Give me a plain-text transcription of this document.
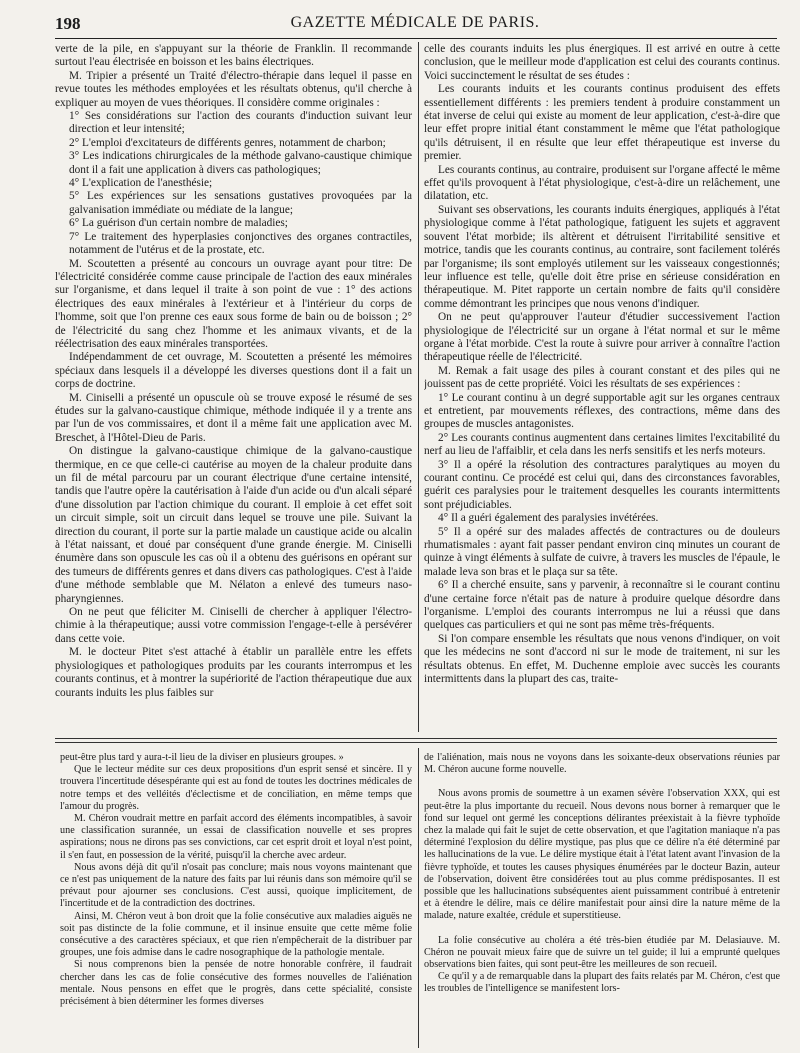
198	GAZETTE MÉDICALE DE PARIS.

verte de la pile, en s'appuyant sur la théorie de Franklin. Il recommande surtout l'eau électrisée en boisson et les bains électriques.

M. Tripier a présenté un Traité d'électro-thérapie dans lequel il passe en revue toutes les méthodes employées et les résultats obtenus, qu'il cherche à expliquer au moyen de vues théoriques. Il considère comme originales :

1° Ses considérations sur l'action des courants d'induction suivant leur direction et leur intensité;

2° L'emploi d'excitateurs de différents genres, notamment de charbon;

3° Les indications chirurgicales de la méthode galvano-caustique chimique dont il a fait une application à divers cas pathologiques;

4° L'explication de l'anesthésie;

5° Les expériences sur les sensations gustatives provoquées par la galvanisation immédiate ou médiate de la langue;

6° La guérison d'un certain nombre de maladies;

7° Le traitement des hyperplasies conjonctives des organes contractiles, notamment de l'utérus et de la prostate, etc.

M. Scoutetten a présenté au concours un ouvrage ayant pour titre: De l'électricité considérée comme cause principale de l'action des eaux minérales sur l'organisme, et dans lequel il traite à son point de vue : 1° des actions électriques des eaux minérales à l'extérieur et à l'intérieur du corps de l'homme, soit que l'on prenne ces eaux sous forme de bain ou de boisson ; 2° de l'électricité du sang chez l'homme et les animaux vivants, et de la réélectrisation des eaux minérales transportées.

Indépendamment de cet ouvrage, M. Scoutetten a présenté les mémoires spéciaux dans lesquels il a développé les diverses questions dont il a fait un corps de doctrine.

M. Ciniselli a présenté un opuscule où se trouve exposé le résumé de ses études sur la galvano-caustique chimique, méthode indiquée il y a trente ans par l'un de vos commissaires, et dont il a même fait une application avec M. Breschet, à l'Hôtel-Dieu de Paris.

On distingue la galvano-caustique chimique de la galvano-caustique thermique, en ce que celle-ci cautérise au moyen de la chaleur produite dans un fil de métal parcouru par un courant électrique d'une certaine intensité, tandis que l'autre opère la cautérisation à l'aide d'un acide ou d'un alcali séparé d'une dissolution par l'action chimique du courant. Il emploie à cet effet soit un circuit simple, soit un circuit dans lequel se trouve une pile. Suivant la direction du courant, il porte sur la partie malade un caustique acide ou alcalin à l'état naissant, et doué par conséquent d'une grande énergie. M. Ciniselli énumère dans son opuscule les cas où il a obtenu des guérisons en opérant sur des tumeurs de différents genres et dans divers cas pathologiques. C'est à l'aide d'une méthode semblable que M. Nélaton a enlevé des tumeurs naso-pharyngiennes.

On ne peut que féliciter M. Ciniselli de chercher à appliquer l'électro-chimie à la thérapeutique; aussi votre commission l'engage-t-elle à persévérer dans cette voie.

M. le docteur Pitet s'est attaché à établir un parallèle entre les effets physiologiques et pathologiques produits par les courants interrompus et les courants continus, et à montrer la supériorité de l'action thérapeutique due aux courants induits les plus faibles sur

celle des courants induits les plus énergiques. Il est arrivé en outre à cette conclusion, que le meilleur mode d'application est celui des courants continus. Voici succinctement le résultat de ses études :

Les courants induits et les courants continus produisent des effets essentiellement différents : les premiers tendent à produire constamment un état inverse de celui qui existe au moment de leur application, c'est-à-dire que leur effet propre initial étant constamment le même que l'état pathologique qu'ils détruisent, il en résulte que leur effet thérapeutique est inverse du premier.

Les courants continus, au contraire, produisent sur l'organe affecté le même effet qu'ils provoquent à l'état physiologique, c'est-à-dire un relâchement, une dilatation, etc.

Suivant ses observations, les courants induits énergiques, appliqués à l'état physiologique comme à l'état pathologique, fatiguent les sujets et aggravent souvent l'état morbide; ils altèrent et détruisent l'irritabilité sensitive et motrice, tandis que les courants continus, au contraire, sont facilement tolérés par l'organisme; ils sont employés utilement sur les vaisseaux congestionnés; leur influence est telle, qu'elle doit être prise en sérieuse considération en thérapeutique. M. Pitet rapporte un certain nombre de faits qu'il considère comme démontrant les principes que nous venons d'indiquer.

On ne peut qu'approuver l'auteur d'étudier successivement l'action physiologique de l'électricité sur un organe à l'état normal et sur le même organe à l'état morbide. C'est la route à suivre pour arriver à connaître l'action thérapeutique réelle de l'électricité.

M. Remak a fait usage des piles à courant constant et des piles qui ne jouissent pas de cette propriété. Voici les résultats de ses expériences :

1° Le courant continu à un degré supportable agit sur les organes centraux et entretient, par mouvements réflexes, des contractions, même dans des groupes de muscles antagonistes.

2° Les courants continus augmentent dans certaines limites l'excitabilité du nerf au lieu de l'affaiblir, et cela dans les nerfs sensitifs et les nerfs moteurs.

3° Il a opéré la résolution des contractures paralytiques au moyen du courant continu. Ce procédé est celui qui, dans des circonstances favorables, guérit ces paralysies pour le traitement desquelles les courants intermittents sont préjudiciables.

4° Il a guéri également des paralysies invétérées.

5° Il a opéré sur des malades affectés de contractures ou de douleurs rhumatismales : ayant fait passer pendant environ cinq minutes un courant de quinze à vingt éléments à sulfate de cuivre, à travers les muscles de l'épaule, le malade leva son bras et le plaça sur sa tête.

6° Il a cherché ensuite, sans y parvenir, à reconnaître si le courant continu d'une certaine force n'était pas de nature à produire quelque désordre dans l'organisme. L'emploi des courants interrompus ne lui a réussi que dans quelques cas particuliers et qui ne sont pas même très-fréquents.

Si l'on compare ensemble les résultats que nous venons d'indiquer, on voit que les médecins ne sont d'accord ni sur le mode de traitement, ni sur les résultats obtenus. En effet, M. Duchenne emploie avec succès les courants intermittents dans la plupart des cas, traite-

peut-être plus tard y aura-t-il lieu de la diviser en plusieurs groupes. »

Que le lecteur médite sur ces deux propositions d'un esprit sensé et sincère. Il y trouvera l'incertitude désespérante qui est au fond de toutes les doctrines médicales de notre temps et des velléités d'éclectisme et de conciliation, en même temps que l'amour du progrès.

M. Chéron voudrait mettre en parfait accord des éléments incompatibles, à savoir une classification surannée, un essai de classification nouvelle et ses propres aspirations; nous ne dirons pas ses convictions, car cet esprit droit et loyal n'est point, il s'en faut, en possession de la vérité, puisqu'il la cherche avec ardeur.

Nous avons déjà dit qu'il n'osait pas conclure; mais nous voyons maintenant que ce n'est pas uniquement de la nature des faits par lui réunis dans son mémoire qu'il se prévaut pour ajourner ses conclusions. C'est aussi, quoique implicitement, de l'incertitude et de la contradiction des doctrines.

Ainsi, M. Chéron veut à bon droit que la folie consécutive aux maladies aiguës ne soit pas distincte de la folie commune, et il insinue ensuite que cette même folie consécutive a des caractères spéciaux, et que rien n'empêcherait de la distribuer par groupes, une fois admise dans le cadre nosographique de la pathologie mentale.

Si nous comprenons bien la pensée de notre honorable confrère, il faudrait chercher dans les cas de folie consécutive des formes nouvelles de l'aliénation mentale. Nous pensons en effet que le progrès, dans cette spécialité, consiste précisément à bien déterminer les formes diverses

de l'aliénation, mais nous ne voyons dans les soixante-deux observations réunies par M. Chéron aucune forme nouvelle.

Nous avons promis de soumettre à un examen sévère l'observation XXX, qui est peut-être la plus importante du recueil. Nous devons nous borner à remarquer que le fond sur lequel ont germé les conceptions délirantes préexistait à la fièvre typhoïde chez la malade qui fait le sujet de cette observation, et que l'agitation maniaque n'a pas déterminé l'explosion du délire mystique, pas plus que ce délire n'a été déterminé par les hallucinations de la vue. Le délire mystique était à l'état latent avant l'invasion de la fièvre typhoïde, et toutes les causes physiques énumérées par le docteur Bazin, auteur de l'observation, doivent être considérées tout au plus comme prédisposantes. Il est possible que les hallucinations subséquentes aient puissamment contribué à entretenir et à étendre le délire, mais ce délire manifestait pour ainsi dire la nature même de la malade, nature exaltée, crédule et superstitieuse.

La folie consécutive au choléra a été très-bien étudiée par M. Delasiauve. M. Chéron ne pouvait mieux faire que de suivre un tel guide; il lui a emprunté quelques observations bien faites, qui sont peut-être les meilleures de son recueil.

Ce qu'il y a de remarquable dans la plupart des faits relatés par M. Chéron, c'est que les troubles de l'intelligence se manifestent lors-
